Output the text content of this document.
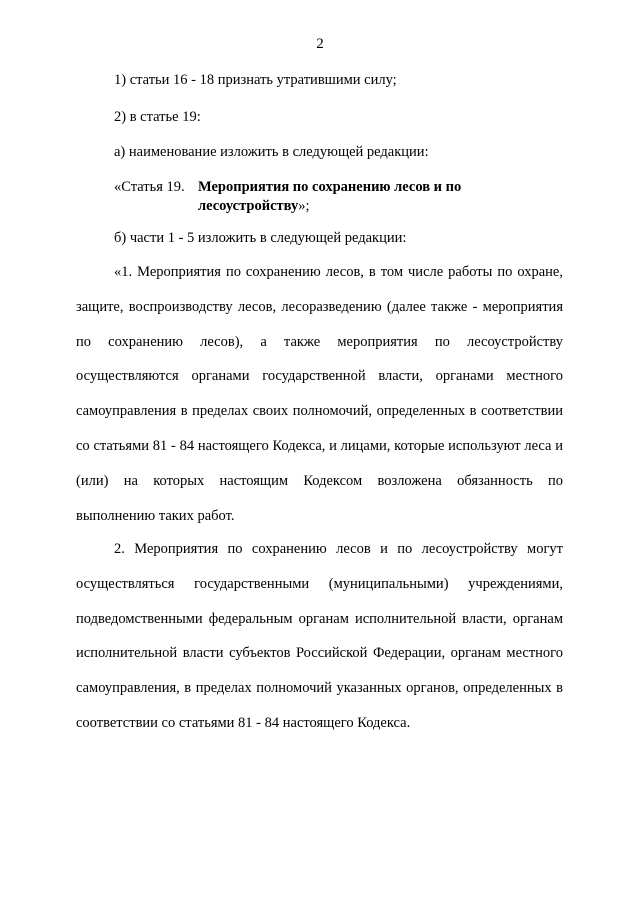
2
1) статьи 16 - 18 признать утратившими силу;
2) в статье 19:
а) наименование изложить в следующей редакции:
«Статья 19. Мероприятия по сохранению лесов и по лесоустройству»;
б) части 1 - 5 изложить в следующей редакции:

«1. Мероприятия по сохранению лесов, в том числе работы по охране, защите, воспроизводству лесов, лесоразведению (далее также - мероприятия по сохранению лесов), а также мероприятия по лесоустройству осуществляются органами государственной власти, органами местного самоуправления в пределах своих полномочий, определенных в соответствии со статьями 81 - 84 настоящего Кодекса, и лицами, которые используют леса и (или) на которых настоящим Кодексом возложена обязанность по выполнению таких работ.

2. Мероприятия по сохранению лесов и по лесоустройству могут осуществляться государственными (муниципальными) учреждениями, подведомственными федеральным органам исполнительной власти, органам исполнительной власти субъектов Российской Федерации, органам местного самоуправления, в пределах полномочий указанных органов, определенных в соответствии со статьями 81 - 84 настоящего Кодекса.
